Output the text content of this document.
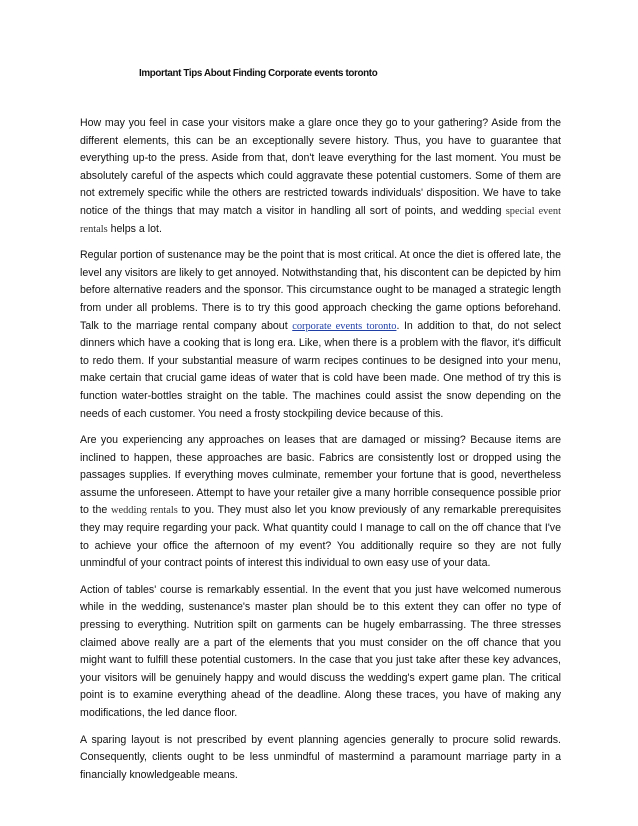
Important Tips About Finding Corporate events toronto

How may you feel in case your visitors make a glare once they go to your gathering? Aside from the different elements, this can be an exceptionally severe history. Thus, you have to guarantee that everything up-to the press. Aside from that, don't leave everything for the last moment. You must be absolutely careful of the aspects which could aggravate these potential customers. Some of them are not extremely specific while the others are restricted towards individuals' disposition. We have to take notice of the things that may match a visitor in handling all sort of points, and wedding special event rentals helps a lot.

Regular portion of sustenance may be the point that is most critical. At once the diet is offered late, the level any visitors are likely to get annoyed. Notwithstanding that, his discontent can be depicted by him before alternative readers and the sponsor. This circumstance ought to be managed a strategic length from under all problems. There is to try this good approach checking the game options beforehand. Talk to the marriage rental company about corporate events toronto. In addition to that, do not select dinners which have a cooking that is long era. Like, when there is a problem with the flavor, it's difficult to redo them. If your substantial measure of warm recipes continues to be designed into your menu, make certain that crucial game ideas of water that is cold have been made. One method of try this is function water-bottles straight on the table. The machines could assist the snow depending on the needs of each customer. You need a frosty stockpiling device because of this.

Are you experiencing any approaches on leases that are damaged or missing? Because items are inclined to happen, these approaches are basic. Fabrics are consistently lost or dropped using the passages supplies. If everything moves culminate, remember your fortune that is good, nevertheless assume the unforeseen. Attempt to have your retailer give a many horrible consequence possible prior to the wedding rentals to you. They must also let you know previously of any remarkable prerequisites they may require regarding your pack. What quantity could I manage to call on the off chance that I've to achieve your office the afternoon of my event? You additionally require so they are not fully unmindful of your contract points of interest this individual to own easy use of your data.

Action of tables' course is remarkably essential. In the event that you just have welcomed numerous while in the wedding, sustenance's master plan should be to this extent they can offer no type of pressing to everything. Nutrition spilt on garments can be hugely embarrassing. The three stresses claimed above really are a part of the elements that you must consider on the off chance that you might want to fulfill these potential customers. In the case that you just take after these key advances, your visitors will be genuinely happy and would discuss the wedding's expert game plan. The critical point is to examine everything ahead of the deadline. Along these traces, you have of making any modifications, the led dance floor.

A sparing layout is not prescribed by event planning agencies generally to procure solid rewards. Consequently, clients ought to be less unmindful of mastermind a paramount marriage party in a financially knowledgeable means.
